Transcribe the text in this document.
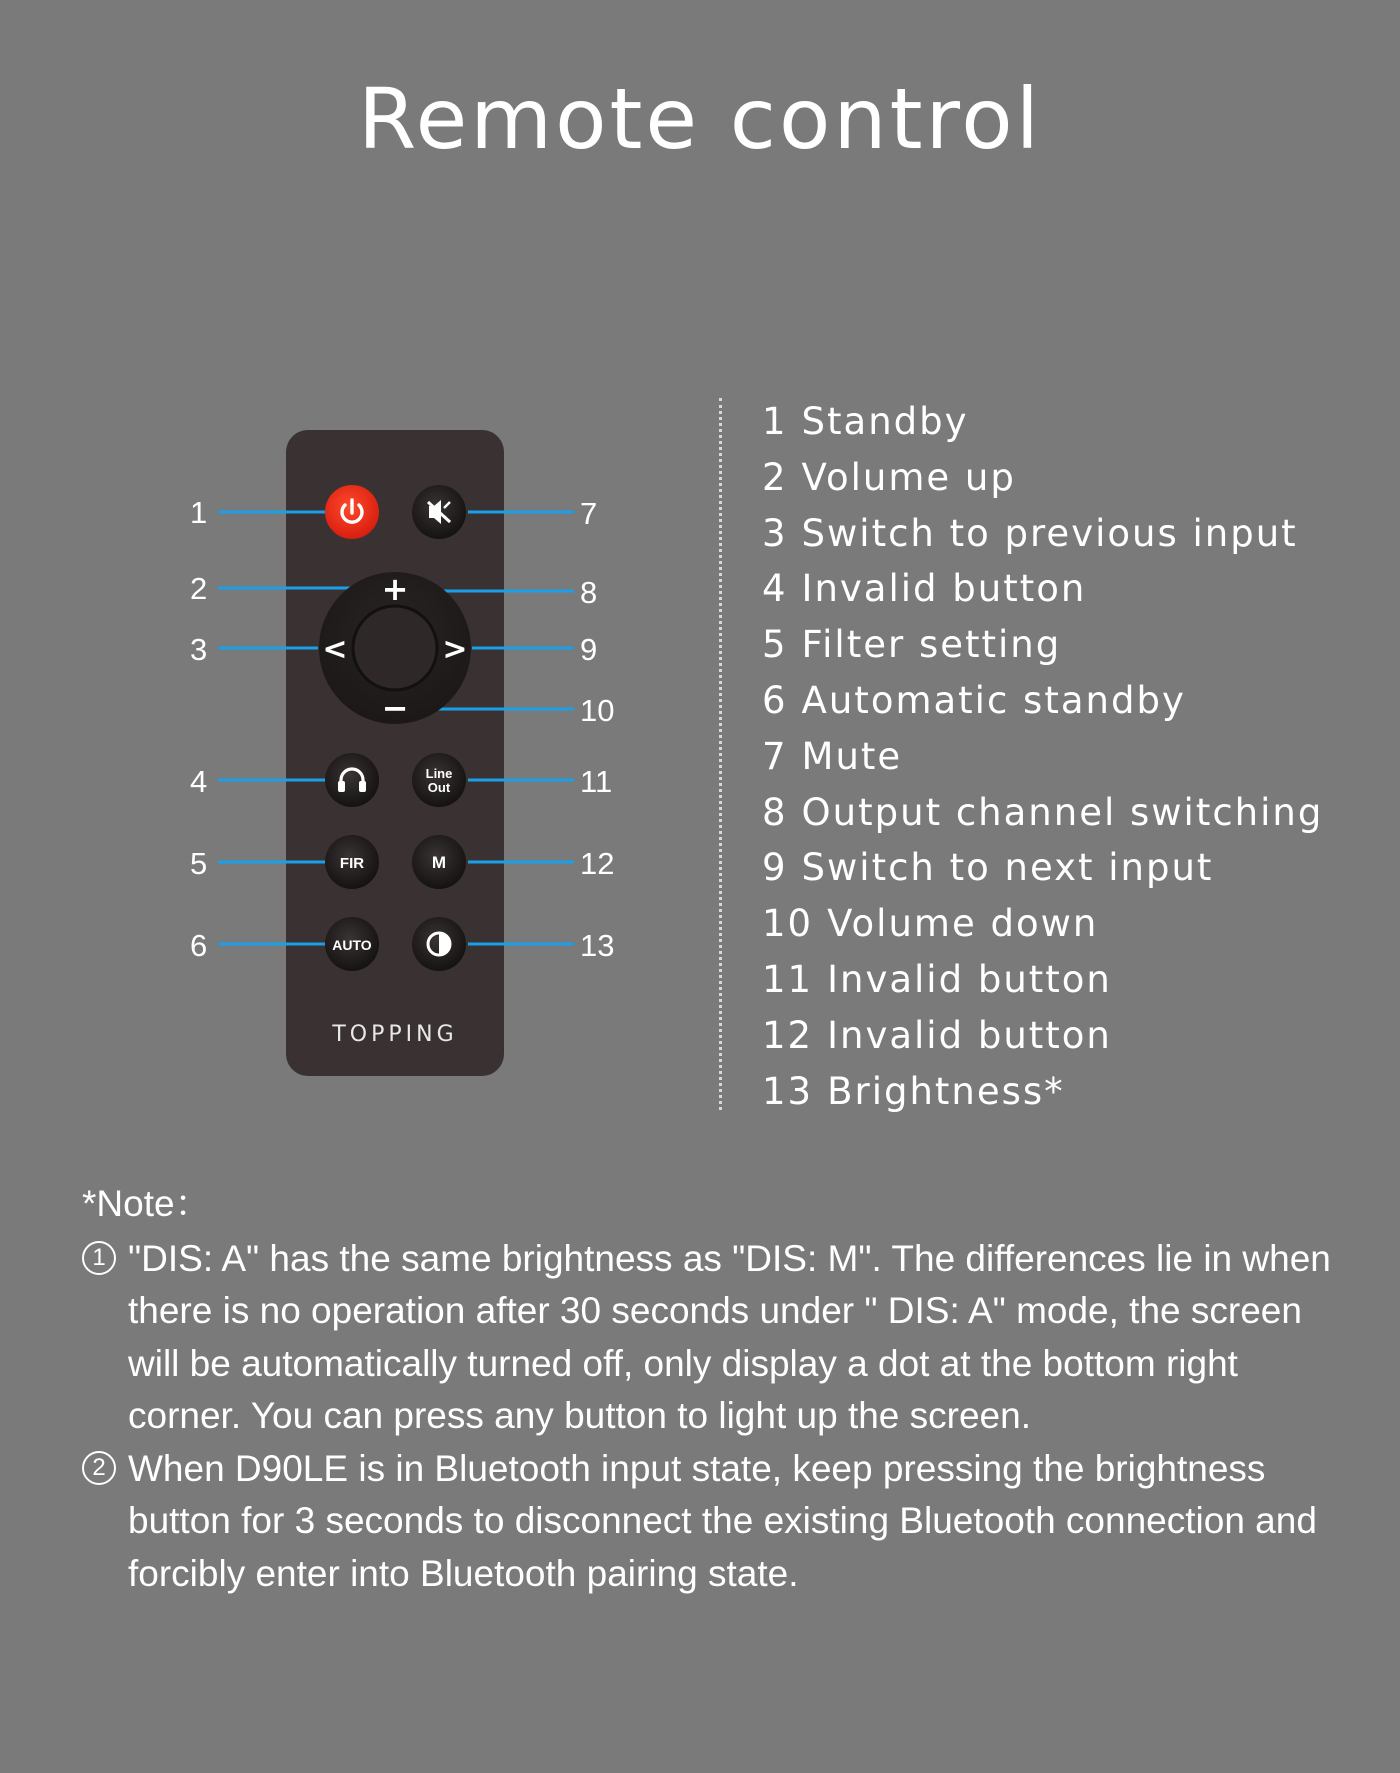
Remote control
+
−
<	>
Line
Out
FIR	M
AUTO
TOPPING
1
2
3
4
5
6
7
8
9
10
11
12
13
1 Standby
2 Volume up
3 Switch to previous input
4 Invalid button
5 Filter setting
6 Automatic standby
7 Mute
8 Output channel switching
9 Switch to next input
10 Volume down
11 Invalid button
12 Invalid button
13 Brightness*

*Note：

1 "DIS: A" has the same brightness as "DIS: M". The differences lie in when there is no operation after 30 seconds under " DIS: A" mode, the screen will be automatically turned off, only display a dot at the bottom right corner. You can press any button to light up the screen.

2 When D90LE is in Bluetooth input state, keep pressing the brightness button for 3 seconds to disconnect the existing Bluetooth connection and forcibly enter into Bluetooth pairing state.
